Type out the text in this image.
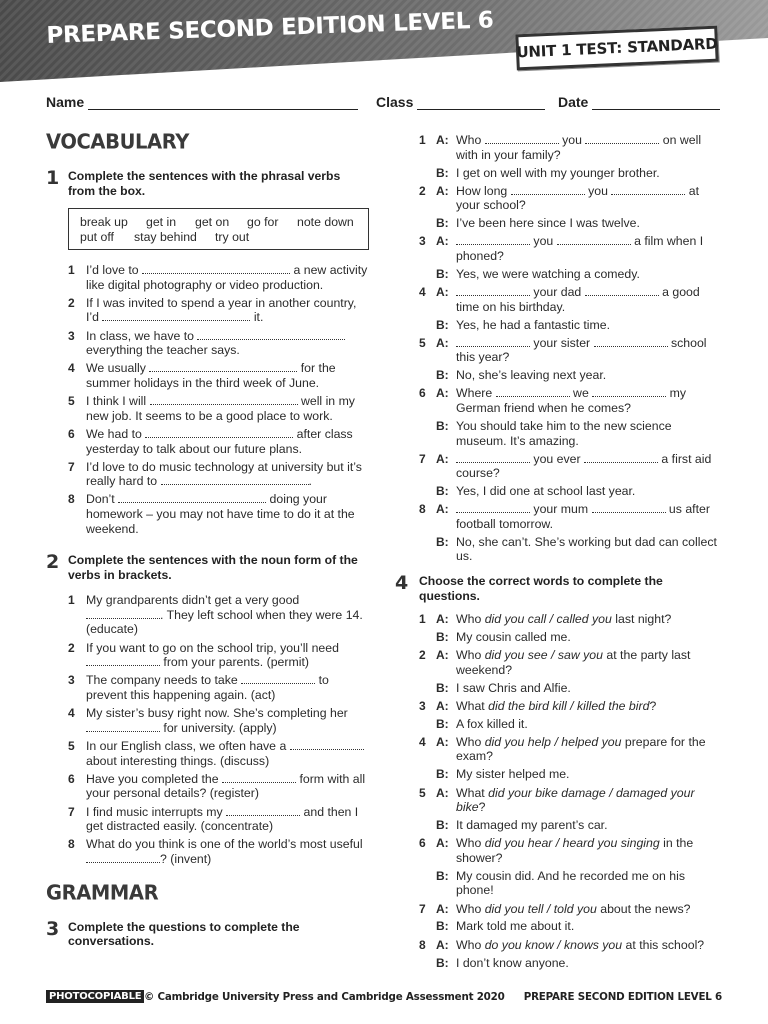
PREPARE SECOND EDITION LEVEL 6 UNIT 1 TEST: STANDARD
Name	Class	Date
VOCABULARY
1 Complete the sentences with the phrasal verbs from the box.
break up	get in	get on	go for	note down
put off	stay behind	try out
1 I’d love to	a new activity like digital photography or video production.
2 If I was invited to spend a year in another country, I’d	it.
3 In class, we have to  everything the teacher says.
4 We usually	for the summer holidays in the third week of June.
5 I think I will	well in my new job. It seems to be a good place to work.
6 We had to	after class yesterday to talk about our future plans.
7 I’d love to do music technology at university but it’s really hard to	.
8 Don’t	doing your homework – you may not have time to do it at the weekend.
2 Complete the sentences with the noun form of the verbs in brackets.
1 My grandparents didn’t get a very good . They left school when they were 14. (educate)
2 If you want to go on the school trip, you’ll need  from your parents. (permit)
3 The company needs to take	to prevent this happening again. (act)
4 My sister’s busy right now. She’s completing her  for university. (apply)
5 In our English class, we often have a  about interesting things. (discuss)
6 Have you completed the	form with all your personal details? (register)
7 I find music interrupts my	and then I get distracted easily. (concentrate)
8 What do you think is one of the world’s most useful ? (invent)
GRAMMAR
3 Complete the questions to complete the conversations.
1 A: Who	you	on well with in your family?
B: I get on well with my younger brother.
2 A: How long	you	at your school?
B: I’ve been here since I was twelve.
3 A:	you	a film when I phoned?
B: Yes, we were watching a comedy.
4 A:	your dad	a good time on his birthday.
B: Yes, he had a fantastic time.
5 A:	your sister	school this year?
B: No, she’s leaving next year.
6 A: Where	we	my German friend when he comes?
B: You should take him to the new science museum. It’s amazing.
7 A:	you ever	a first aid course?
B: Yes, I did one at school last year.
8 A:	your mum	us after football tomorrow.
B: No, she can’t. She’s working but dad can collect us.
4 Choose the correct words to complete the questions.
1 A: Who did you call / called you last night?
B: My cousin called me.
2 A: Who did you see / saw you at the party last weekend?
B: I saw Chris and Alfie.
3 A: What did the bird kill / killed the bird?
B: A fox killed it.
4 A: Who did you help / helped you prepare for the exam?
B: My sister helped me.
5 A: What did your bike damage / damaged your bike?
B: It damaged my parent’s car.
6 A: Who did you hear / heard you singing in the shower?
B: My cousin did. And he recorded me on his phone!
7 A: Who did you tell / told you about the news?
B: Mark told me about it.
8 A: Who do you know / knows you at this school?
B: I don’t know anyone.
PHOTOCOPIABLE © Cambridge University Press and Cambridge Assessment 2020 PREPARE SECOND EDITION LEVEL 6
